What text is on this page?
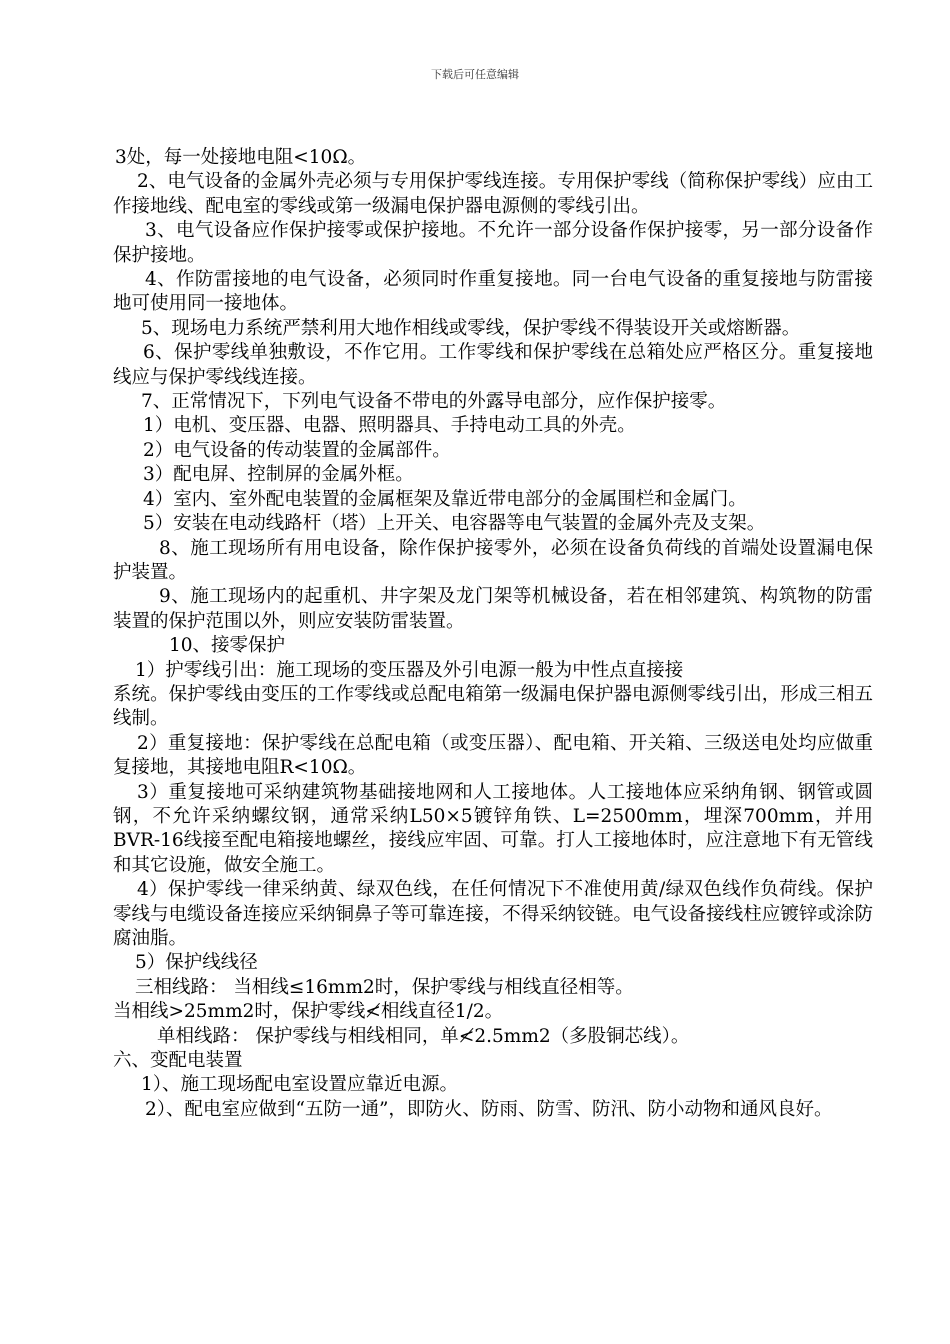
下载后可任意编辑

3处，每一处接地电阻<10Ω。

2、电气设备的金属外壳必须与专用保护零线连接。专用保护零线（简称保护零线）应由工作接地线、配电室的零线或第一级漏电保护器电源侧的零线引出。

3、电气设备应作保护接零或保护接地。不允许一部分设备作保护接零，另一部分设备作保护接地。

4、作防雷接地的电气设备，必须同时作重复接地。同一台电气设备的重复接地与防雷接地可使用同一接地体。

5、现场电力系统严禁利用大地作相线或零线，保护零线不得装设开关或熔断器。

6、保护零线单独敷设，不作它用。工作零线和保护零线在总箱处应严格区分。重复接地线应与保护零线线连接。

7、正常情况下，下列电气设备不带电的外露导电部分，应作保护接零。

1）电机、变压器、电器、照明器具、手持电动工具的外壳。

2）电气设备的传动装置的金属部件。

3）配电屏、控制屏的金属外框。

4）室内、室外配电装置的金属框架及靠近带电部分的金属围栏和金属门。

5）安装在电动线路杆（塔）上开关、电容器等电气装置的金属外壳及支架。

8、施工现场所有用电设备，除作保护接零外，必须在设备负荷线的首端处设置漏电保护装置。

9、施工现场内的起重机、井字架及龙门架等机械设备，若在相邻建筑、构筑物的防雷装置的保护范围以外，则应安装防雷装置。

10、接零保护

1）护零线引出：施工现场的变压器及外引电源一般为中性点直接接

系统。保护零线由变压的工作零线或总配电箱第一级漏电保护器电源侧零线引出，形成三相五线制。

2）重复接地：保护零线在总配电箱（或变压器）、配电箱、开关箱、三级送电处均应做重复接地，其接地电阻R<10Ω。

3）重复接地可采纳建筑物基础接地网和人工接地体。人工接地体应采纳角钢、钢管或圆钢，不允许采纳螺纹钢，通常采纳L50×5镀锌角铁、L=2500mm，埋深700mm，并用BVR-16线接至配电箱接地螺丝，接线应牢固、可靠。打人工接地体时，应注意地下有无管线和其它设施，做安全施工。

4）保护零线一律采纳黄、绿双色线，在任何情况下不准使用黄/绿双色线作负荷线。保护零线与电缆设备连接应采纳铜鼻子等可靠连接，不得采纳铰链。电气设备接线柱应镀锌或涂防腐油脂。

5）保护线线径

三相线路： 当相线≤16mm2时，保护零线与相线直径相等。

当相线>25mm2时，保护零线≮相线直径1/2。

单相线路： 保护零线与相线相同，单≮2.5mm2（多股铜芯线）。

六、变配电装置

1）、施工现场配电室设置应靠近电源。

2）、配电室应做到“五防一通”，即防火、防雨、防雪、防汛、防小动物和通风良好。
